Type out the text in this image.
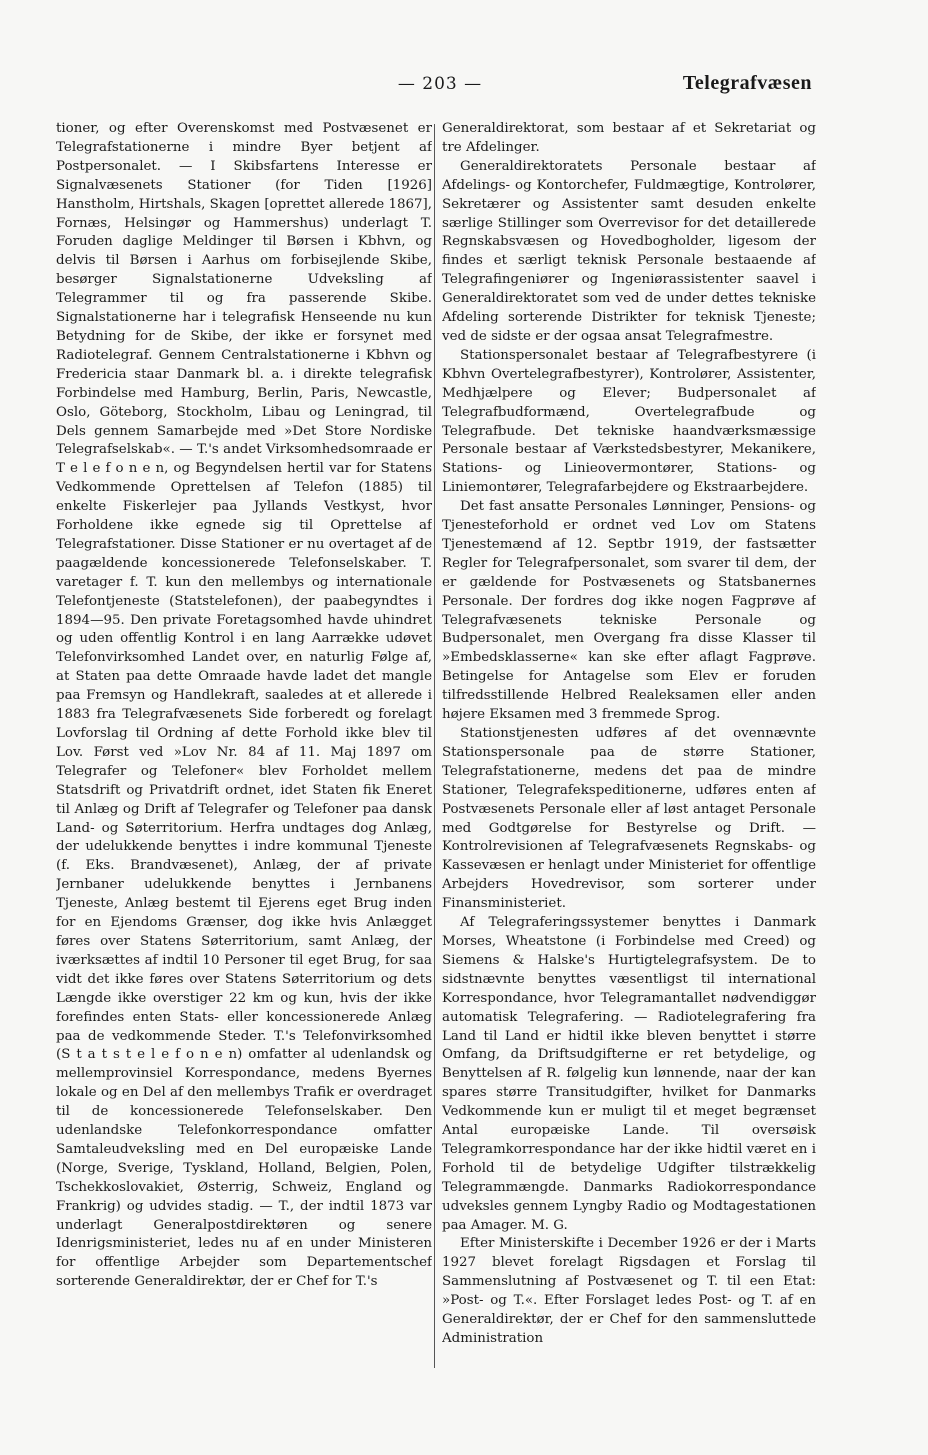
— 203 —	Telegrafvæsen

tioner, og efter Overenskomst med Postvæsenet er Telegrafstationerne i mindre Byer betjent af Postpersonalet. — I Skibsfartens Interesse er Signalvæsenets Stationer (for Tiden [1926] Hanstholm, Hirtshals, Skagen [oprettet allerede 1867], Fornæs, Helsingør og Hammershus) underlagt T. Foruden daglige Meldinger til Børsen i Kbhvn, og delvis til Børsen i Aarhus om forbisejlende Skibe, besørger Signalstationerne Udveksling af Telegrammer til og fra passerende Skibe. Signalstationerne har i telegrafisk Henseende nu kun Betydning for de Skibe, der ikke er forsynet med Radiotelegraf. Gennem Centralstationerne i Kbhvn og Fredericia staar Danmark bl. a. i direkte telegrafisk Forbindelse med Hamburg, Berlin, Paris, Newcastle, Oslo, Göteborg, Stockholm, Libau og Leningrad, til Dels gennem Samarbejde med »Det Store Nordiske Telegrafselskab«. — T.'s andet Virksomhedsomraade er T e l e f o n e n, og Begyndelsen hertil var for Statens Vedkommende Oprettelsen af Telefon (1885) til enkelte Fiskerlejer paa Jyllands Vestkyst, hvor Forholdene ikke egnede sig til Oprettelse af Telegrafstationer. Disse Stationer er nu overtaget af de paagældende koncessionerede Telefonselskaber. T. varetager f. T. kun den mellembys og internationale Telefontjeneste (Statstelefonen), der paabegyndtes i 1894—95. Den private Foretagsomhed havde uhindret og uden offentlig Kontrol i en lang Aarrække udøvet Telefonvirksomhed Landet over, en naturlig Følge af, at Staten paa dette Omraade havde ladet det mangle paa Fremsyn og Handlekraft, saaledes at et allerede i 1883 fra Telegrafvæsenets Side forberedt og forelagt Lovforslag til Ordning af dette Forhold ikke blev til Lov. Først ved »Lov Nr. 84 af 11. Maj 1897 om Telegrafer og Telefoner« blev Forholdet mellem Statsdrift og Privatdrift ordnet, idet Staten fik Eneret til Anlæg og Drift af Telegrafer og Telefoner paa dansk Land- og Søterritorium. Herfra undtages dog Anlæg, der udelukkende benyttes i indre kommunal Tjeneste (f. Eks. Brandvæsenet), Anlæg, der af private Jernbaner udelukkende benyttes i Jernbanens Tjeneste, Anlæg bestemt til Ejerens eget Brug inden for en Ejendoms Grænser, dog ikke hvis Anlægget føres over Statens Søterritorium, samt Anlæg, der iværksættes af indtil 10 Personer til eget Brug, for saa vidt det ikke føres over Statens Søterritorium og dets Længde ikke overstiger 22 km og kun, hvis der ikke forefindes enten Stats- eller koncessionerede Anlæg paa de vedkommende Steder. T.'s Telefonvirksomhed (S t a t s t e l e f o n e n) omfatter al udenlandsk og mellemprovinsiel Korrespondance, medens Byernes lokale og en Del af den mellembys Trafik er overdraget til de koncessionerede Telefonselskaber. Den udenlandske Telefonkorrespondance omfatter Samtaleudveksling med en Del europæiske Lande (Norge, Sverige, Tyskland, Holland, Belgien, Polen, Tschekkoslovakiet, Østerrig, Schweiz, England og Frankrig) og udvides stadig. — T., der indtil 1873 var underlagt Generalpostdirektøren og senere Idenrigsministeriet, ledes nu af en under Ministeren for offentlige Arbejder som Departementschef sorterende Generaldirektør, der er Chef for T.'s

Generaldirektorat, som bestaar af et Sekretariat og tre Afdelinger.

Generaldirektoratets Personale bestaar af Afdelings- og Kontorchefer, Fuldmægtige, Kontrolører, Sekretærer og Assistenter samt desuden enkelte særlige Stillinger som Overrevisor for det detaillerede Regnskabsvæsen og Hovedbogholder, ligesom der findes et særligt teknisk Personale bestaaende af Telegrafingeniører og Ingeniørassistenter saavel i Generaldirektoratet som ved de under dettes tekniske Afdeling sorterende Distrikter for teknisk Tjeneste; ved de sidste er der ogsaa ansat Telegrafmestre.

Stationspersonalet bestaar af Telegrafbestyrere (i Kbhvn Overtelegrafbestyrer), Kontrolører, Assistenter, Medhjælpere og Elever; Budpersonalet af Telegrafbudformænd, Overtelegrafbude og Telegrafbude. Det tekniske haandværksmæssige Personale bestaar af Værkstedsbestyrer, Mekanikere, Stations- og Linieovermontører, Stations- og Liniemontører, Telegrafarbejdere og Ekstraarbejdere.

Det fast ansatte Personales Lønninger, Pensions- og Tjenesteforhold er ordnet ved Lov om Statens Tjenestemænd af 12. Septbr 1919, der fastsætter Regler for Telegrafpersonalet, som svarer til dem, der er gældende for Postvæsenets og Statsbanernes Personale. Der fordres dog ikke nogen Fagprøve af Telegrafvæsenets tekniske Personale og Budpersonalet, men Overgang fra disse Klasser til »Embedsklasserne« kan ske efter aflagt Fagprøve. Betingelse for Antagelse som Elev er foruden tilfredsstillende Helbred Realeksamen eller anden højere Eksamen med 3 fremmede Sprog.

Stationstjenesten udføres af det ovennævnte Stationspersonale paa de større Stationer, Telegrafstationerne, medens det paa de mindre Stationer, Telegrafekspeditionerne, udføres enten af Postvæsenets Personale eller af løst antaget Personale med Godtgørelse for Bestyrelse og Drift. — Kontrolrevisionen af Telegrafvæsenets Regnskabs- og Kassevæsen er henlagt under Ministeriet for offentlige Arbejders Hovedrevisor, som sorterer under Finansministeriet.

Af Telegraferingssystemer benyttes i Danmark Morses, Wheatstone (i Forbindelse med Creed) og Siemens & Halske's Hurtigtelegrafsystem. De to sidstnævnte benyttes væsentligst til international Korrespondance, hvor Telegramantallet nødvendiggør automatisk Telegrafering. — Radiotelegrafering fra Land til Land er hidtil ikke bleven benyttet i større Omfang, da Driftsudgifterne er ret betydelige, og Benyttelsen af R. følgelig kun lønnende, naar der kan spares større Transitudgifter, hvilket for Danmarks Vedkommende kun er muligt til et meget begrænset Antal europæiske Lande. Til oversøisk Telegramkorrespondance har der ikke hidtil været en i Forhold til de betydelige Udgifter tilstrækkelig Telegrammængde. Danmarks Radiokorrespondance udveksles gennem Lyngby Radio og Modtagestationen paa Amager. M. G.

Efter Ministerskifte i December 1926 er der i Marts 1927 blevet forelagt Rigsdagen et Forslag til Sammenslutning af Postvæsenet og T. til een Etat: »Post- og T.«. Efter Forslaget ledes Post- og T. af en Generaldirektør, der er Chef for den sammensluttede Administration
